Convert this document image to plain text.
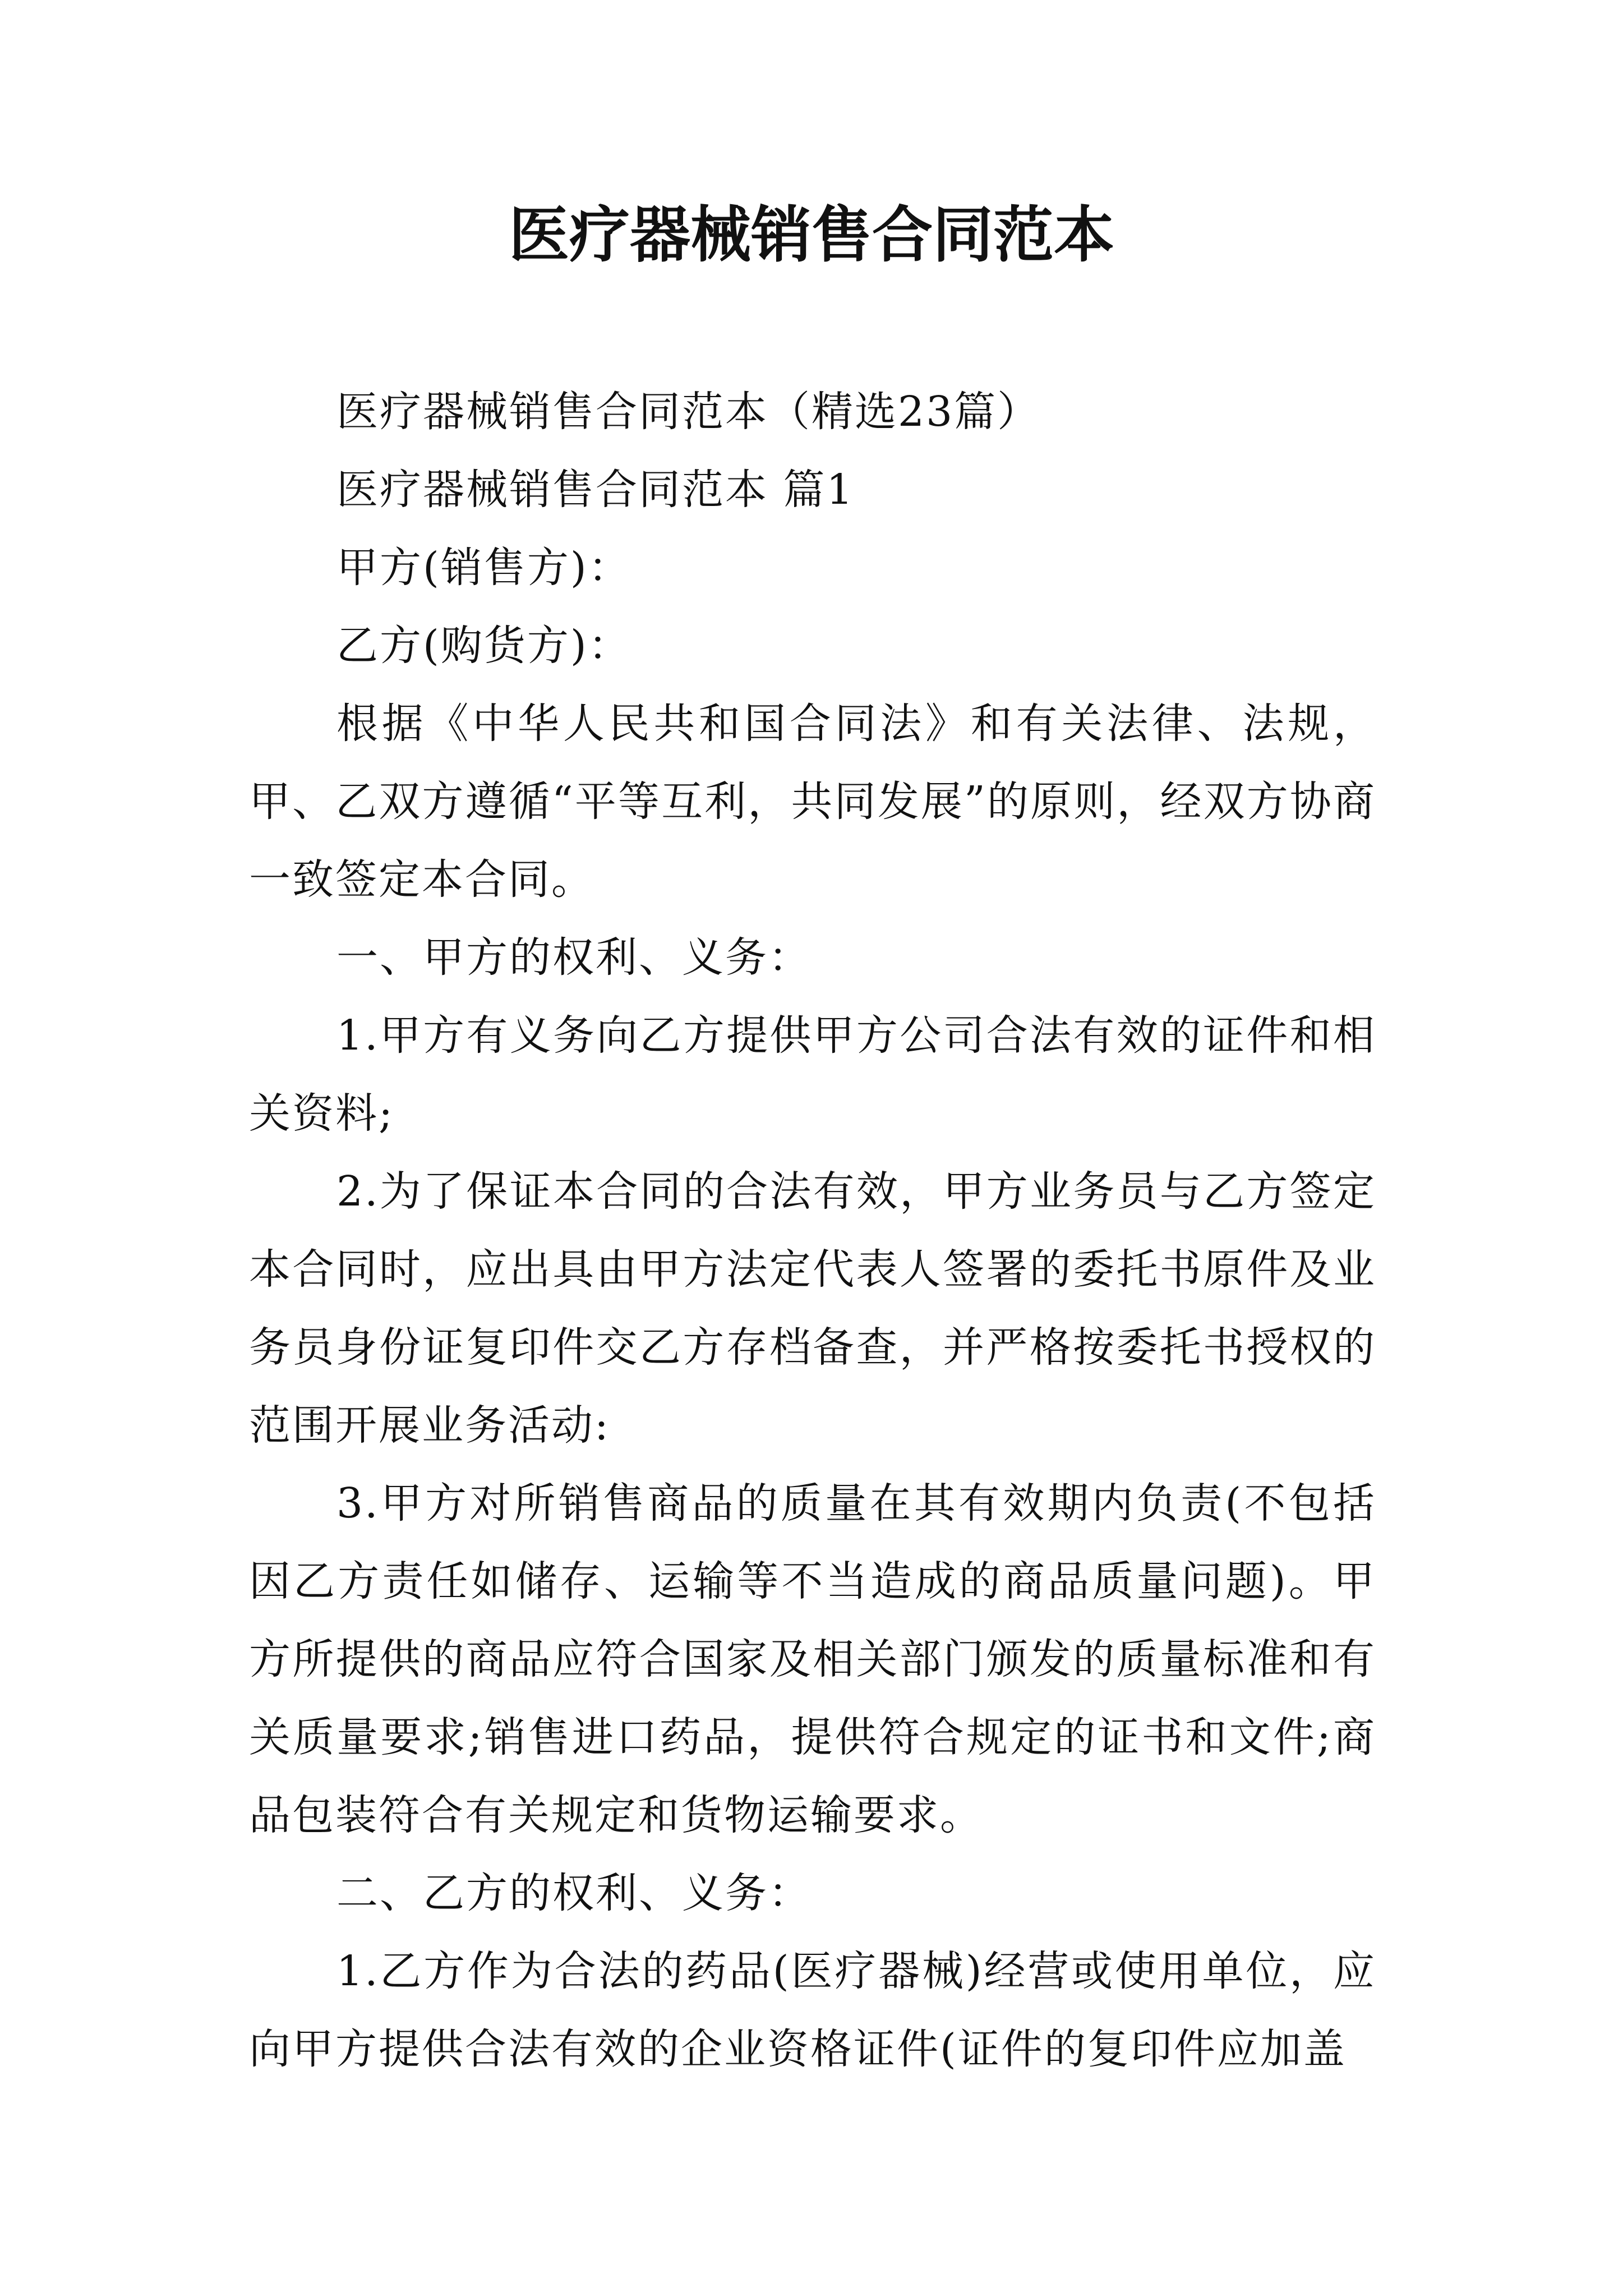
医疗器械销售合同范本

医疗器械销售合同范本（精选23篇）

医疗器械销售合同范本 篇1

甲方(销售方)：

乙方(购货方)：

根据《中华人民共和国合同法》和有关法律、法规，甲、乙双方遵循“平等互利，共同发展”的原则，经双方协商一致签定本合同。

一、甲方的权利、义务：

1.甲方有义务向乙方提供甲方公司合法有效的证件和相关资料;

2.为了保证本合同的合法有效，甲方业务员与乙方签定本合同时，应出具由甲方法定代表人签署的委托书原件及业务员身份证复印件交乙方存档备查，并严格按委托书授权的范围开展业务活动:

3.甲方对所销售商品的质量在其有效期内负责(不包括因乙方责任如储存、运输等不当造成的商品质量问题)。甲方所提供的商品应符合国家及相关部门颁发的质量标准和有关质量要求;销售进口药品，提供符合规定的证书和文件;商品包装符合有关规定和货物运输要求。

二、乙方的权利、义务：

1.乙方作为合法的药品(医疗器械)经营或使用单位，应向甲方提供合法有效的企业资格证件(证件的复印件应加盖
